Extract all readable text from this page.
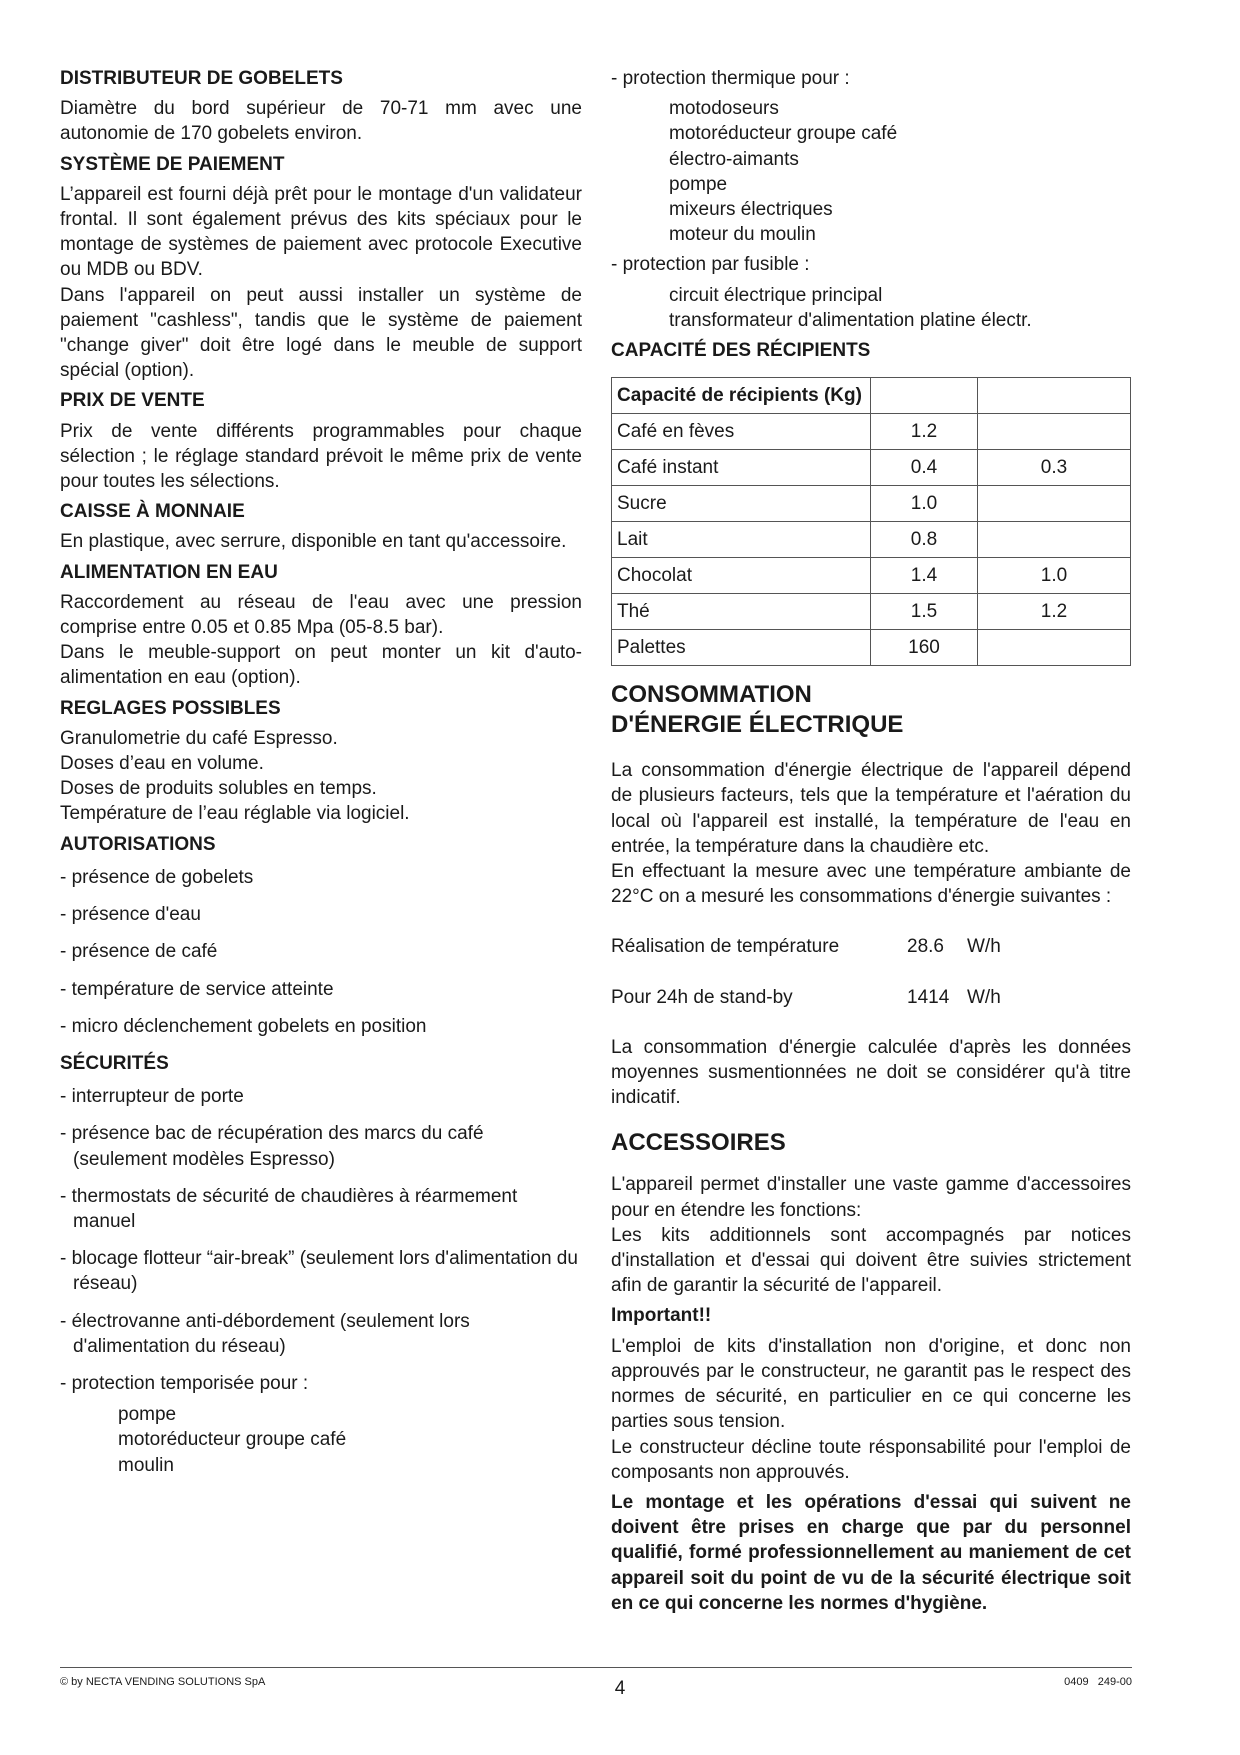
DISTRIBUTEUR DE GOBELETS

Diamètre du bord supérieur de 70-71 mm avec une autonomie de 170 gobelets environ.

SYSTÈME DE PAIEMENT

L’appareil est fourni déjà prêt pour le montage d'un validateur frontal. Il sont également prévus des kits spéciaux pour le montage de systèmes de paiement avec protocole Executive ou MDB ou BDV.

Dans l'appareil on peut aussi installer un système de paiement "cashless", tandis que le système de paiement "change giver" doit être logé dans le meuble de support spécial (option).

PRIX DE VENTE

Prix de vente différents programmables pour chaque sélection ; le réglage standard prévoit le même prix de vente pour toutes les sélections.

CAISSE À MONNAIE

En plastique, avec serrure, disponible en tant qu'accessoire.

ALIMENTATION EN EAU

Raccordement au réseau de l'eau avec une pression comprise entre 0.05 et 0.85 Mpa (05-8.5 bar).

Dans le meuble-support on peut monter un kit d'auto-alimentation en eau (option).

REGLAGES POSSIBLES

Granulometrie du café Espresso.

Doses d’eau en volume.

Doses de produits solubles en temps.

Température de l’eau réglable via logiciel.

AUTORISATIONS
- présence de gobelets
- présence d'eau
- présence de café
- température de service atteinte
- micro déclenchement gobelets en position
SÉCURITÉS
- interrupteur de porte
- présence bac de récupération des marcs du café (seulement modèles Espresso)
- thermostats de sécurité de chaudières à réarmement manuel
- blocage flotteur “air-break” (seulement lors d'alimentation du réseau)
- électrovanne anti-débordement (seulement lors d'alimentation du réseau)
- protection temporisée pour :
pompe
motoréducteur groupe café
moulin

- protection thermique pour :

motodoseurs
motoréducteur groupe café
électro-aimants
pompe
mixeurs électriques
moteur du moulin

- protection par fusible :

circuit électrique principal
transformateur d'alimentation platine électr.
CAPACITÉ DES RÉCIPIENTS
Capacité de récipients (Kg)		
Café en fèves	1.2	
Café instant	0.4	0.3
Sucre	1.0	
Lait	0.8	
Chocolat	1.4	1.0
Thé	1.5	1.2
Palettes	160	
CONSOMMATION
D'ÉNERGIE ÉLECTRIQUE

La consommation d'énergie électrique de l'appareil dépend de plusieurs facteurs, tels que la température et l'aération du local où l'appareil est installé, la température de l'eau en entrée, la température dans la chaudière etc.

En effectuant la mesure avec une température ambiante de 22°C on a mesuré les consommations d'énergie suivantes :

Réalisation de température	28.6	W/h
Pour 24h de stand-by	1414 W/h

La consommation d'énergie calculée d'après les données moyennes susmentionnées ne doit se considérer qu'à titre indicatif.

ACCESSOIRES

L'appareil permet d'installer une vaste gamme d'accessoires pour en étendre les fonctions:

Les kits additionnels sont accompagnés par notices d'installation et d'essai qui doivent être suivies strictement afin de garantir la sécurité de l'appareil.

Important!!

L'emploi de kits d'installation non d'origine, et donc non approuvés par le constructeur, ne garantit pas le respect des normes de sécurité, en particulier en ce qui concerne les parties sous tension.

Le constructeur décline toute résponsabilité pour l'emploi de composants non approuvés.

Le montage et les opérations d'essai qui suivent ne doivent être prises en charge que par du personnel qualifié, formé professionnellement au maniement de cet appareil soit du point de vu de la sécurité électrique soit en ce qui concerne les normes d'hygiène.

© by NECTA VENDING SOLUTIONS SpA	4	0409   249-00
